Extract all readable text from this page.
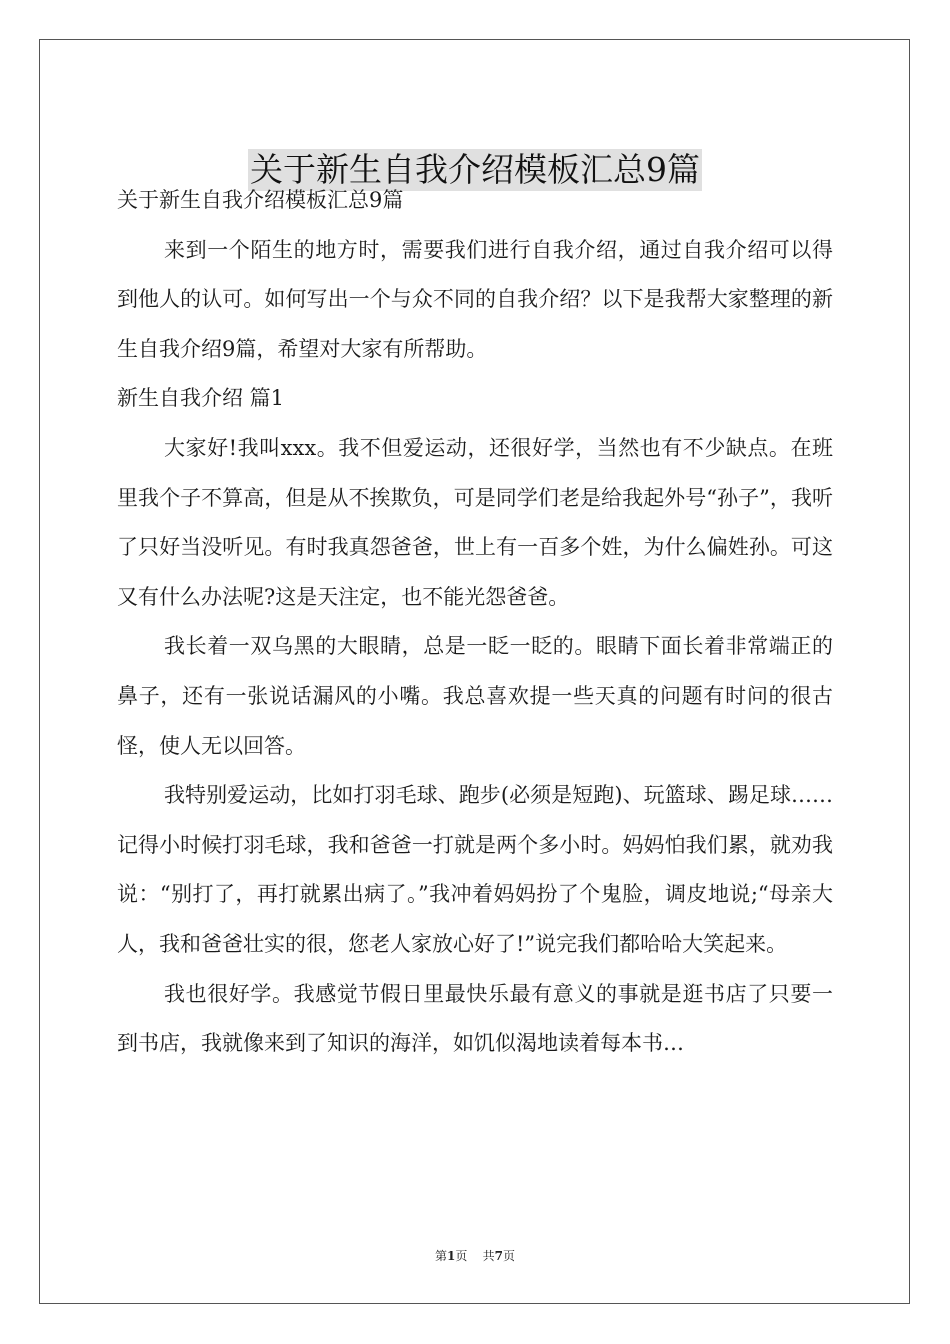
关于新生自我介绍模板汇总9篇

关于新生自我介绍模板汇总9篇

来到一个陌生的地方时，需要我们进行自我介绍，通过自我介绍可以得到他人的认可。如何写出一个与众不同的自我介绍？以下是我帮大家整理的新生自我介绍9篇，希望对大家有所帮助。

新生自我介绍 篇1

大家好!我叫xxx。我不但爱运动，还很好学，当然也有不少缺点。在班里我个子不算高，但是从不挨欺负，可是同学们老是给我起外号“孙子”，我听了只好当没听见。有时我真怨爸爸，世上有一百多个姓，为什么偏姓孙。可这又有什么办法呢?这是天注定，也不能光怨爸爸。

我长着一双乌黑的大眼睛，总是一眨一眨的。眼睛下面长着非常端正的鼻子，还有一张说话漏风的小嘴。我总喜欢提一些天真的问题有时问的很古怪，使人无以回答。

我特别爱运动，比如打羽毛球、跑步(必须是短跑)、玩篮球、踢足球……记得小时候打羽毛球，我和爸爸一打就是两个多小时。妈妈怕我们累，就劝我说：“别打了，再打就累出病了。”我冲着妈妈扮了个鬼脸，调皮地说;“母亲大人，我和爸爸壮实的很，您老人家放心好了!”说完我们都哈哈大笑起来。

我也很好学。我感觉节假日里最快乐最有意义的事就是逛书店了只要一到书店，我就像来到了知识的海洋，如饥似渴地读着每本书…

第1页 共7页
